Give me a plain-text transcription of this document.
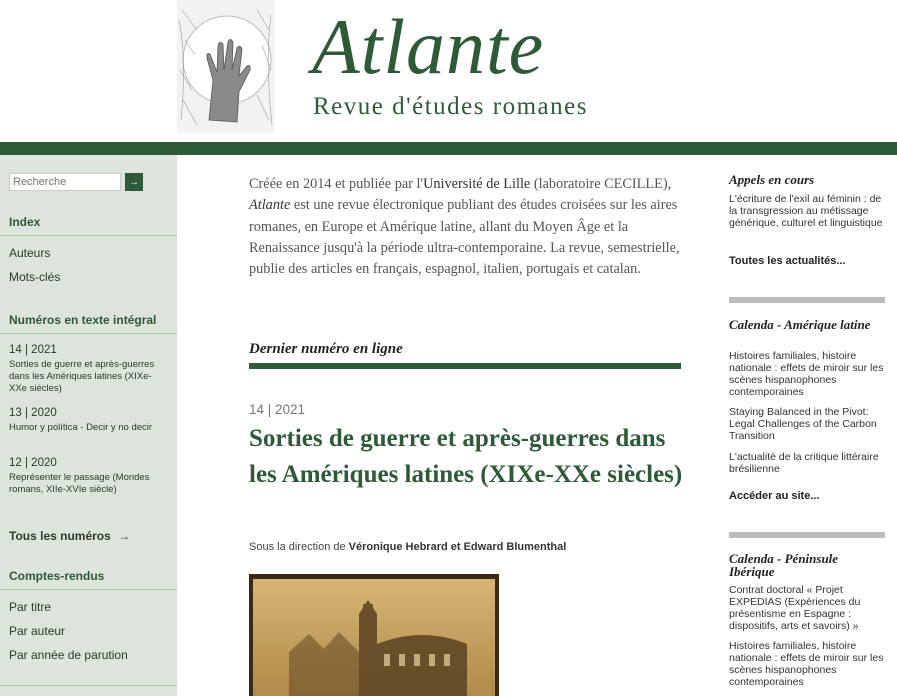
Atlante
Revue d'études romanes
Recherche
→
Index
Auteurs
Mots-clés
Numéros en texte intégral
14 | 2021
Sorties de guerre et après-guerres dans les Amériques latines (XIXe-XXe siècles)
13 | 2020
Humor y política - Decir y no decir
12 | 2020
Représenter le passage (Mondes romans, XIIe-XVIe siècle)
Tous les numéros →
Comptes-rendus
Par titre
Par auteur
Par année de parution
Créée en 2014 et publiée par l'Université de Lille (laboratoire CECILLE), Atlante est une revue électronique publiant des études croisées sur les aires romanes, en Europe et Amérique latine, allant du Moyen Âge et la Renaissance jusqu'à la période ultra-contemporaine. La revue, semestrielle, publie des articles en français, espagnol, italien, portugais et catalan.
Dernier numéro en ligne
14 | 2021
Sorties de guerre et après-guerres dans les Amériques latines (XIXe-XXe siècles)
Sous la direction de Véronique Hebrard et Edward Blumenthal
Appels en cours
L'écriture de l'exil au féminin : de la transgression au métissage générique, culturel et linguistique
Toutes les actualités...
Calenda - Amérique latine
Histoires familiales, histoire nationale : effets de miroir sur les scènes hispanophones contemporaines
Staying Balanced in the Pivot: Legal Challenges of the Carbon Transition
L'actualité de la critique littéraire brésilienne
Accéder au site...
Calenda - Péninsule Ibérique
Contrat doctoral « Projet EXPEDIAS (Expériences du présentisme en Espagne : dispositifs, arts et savoirs) »
Histoires familiales, histoire nationale : effets de miroir sur les scènes hispanophones contemporaines
